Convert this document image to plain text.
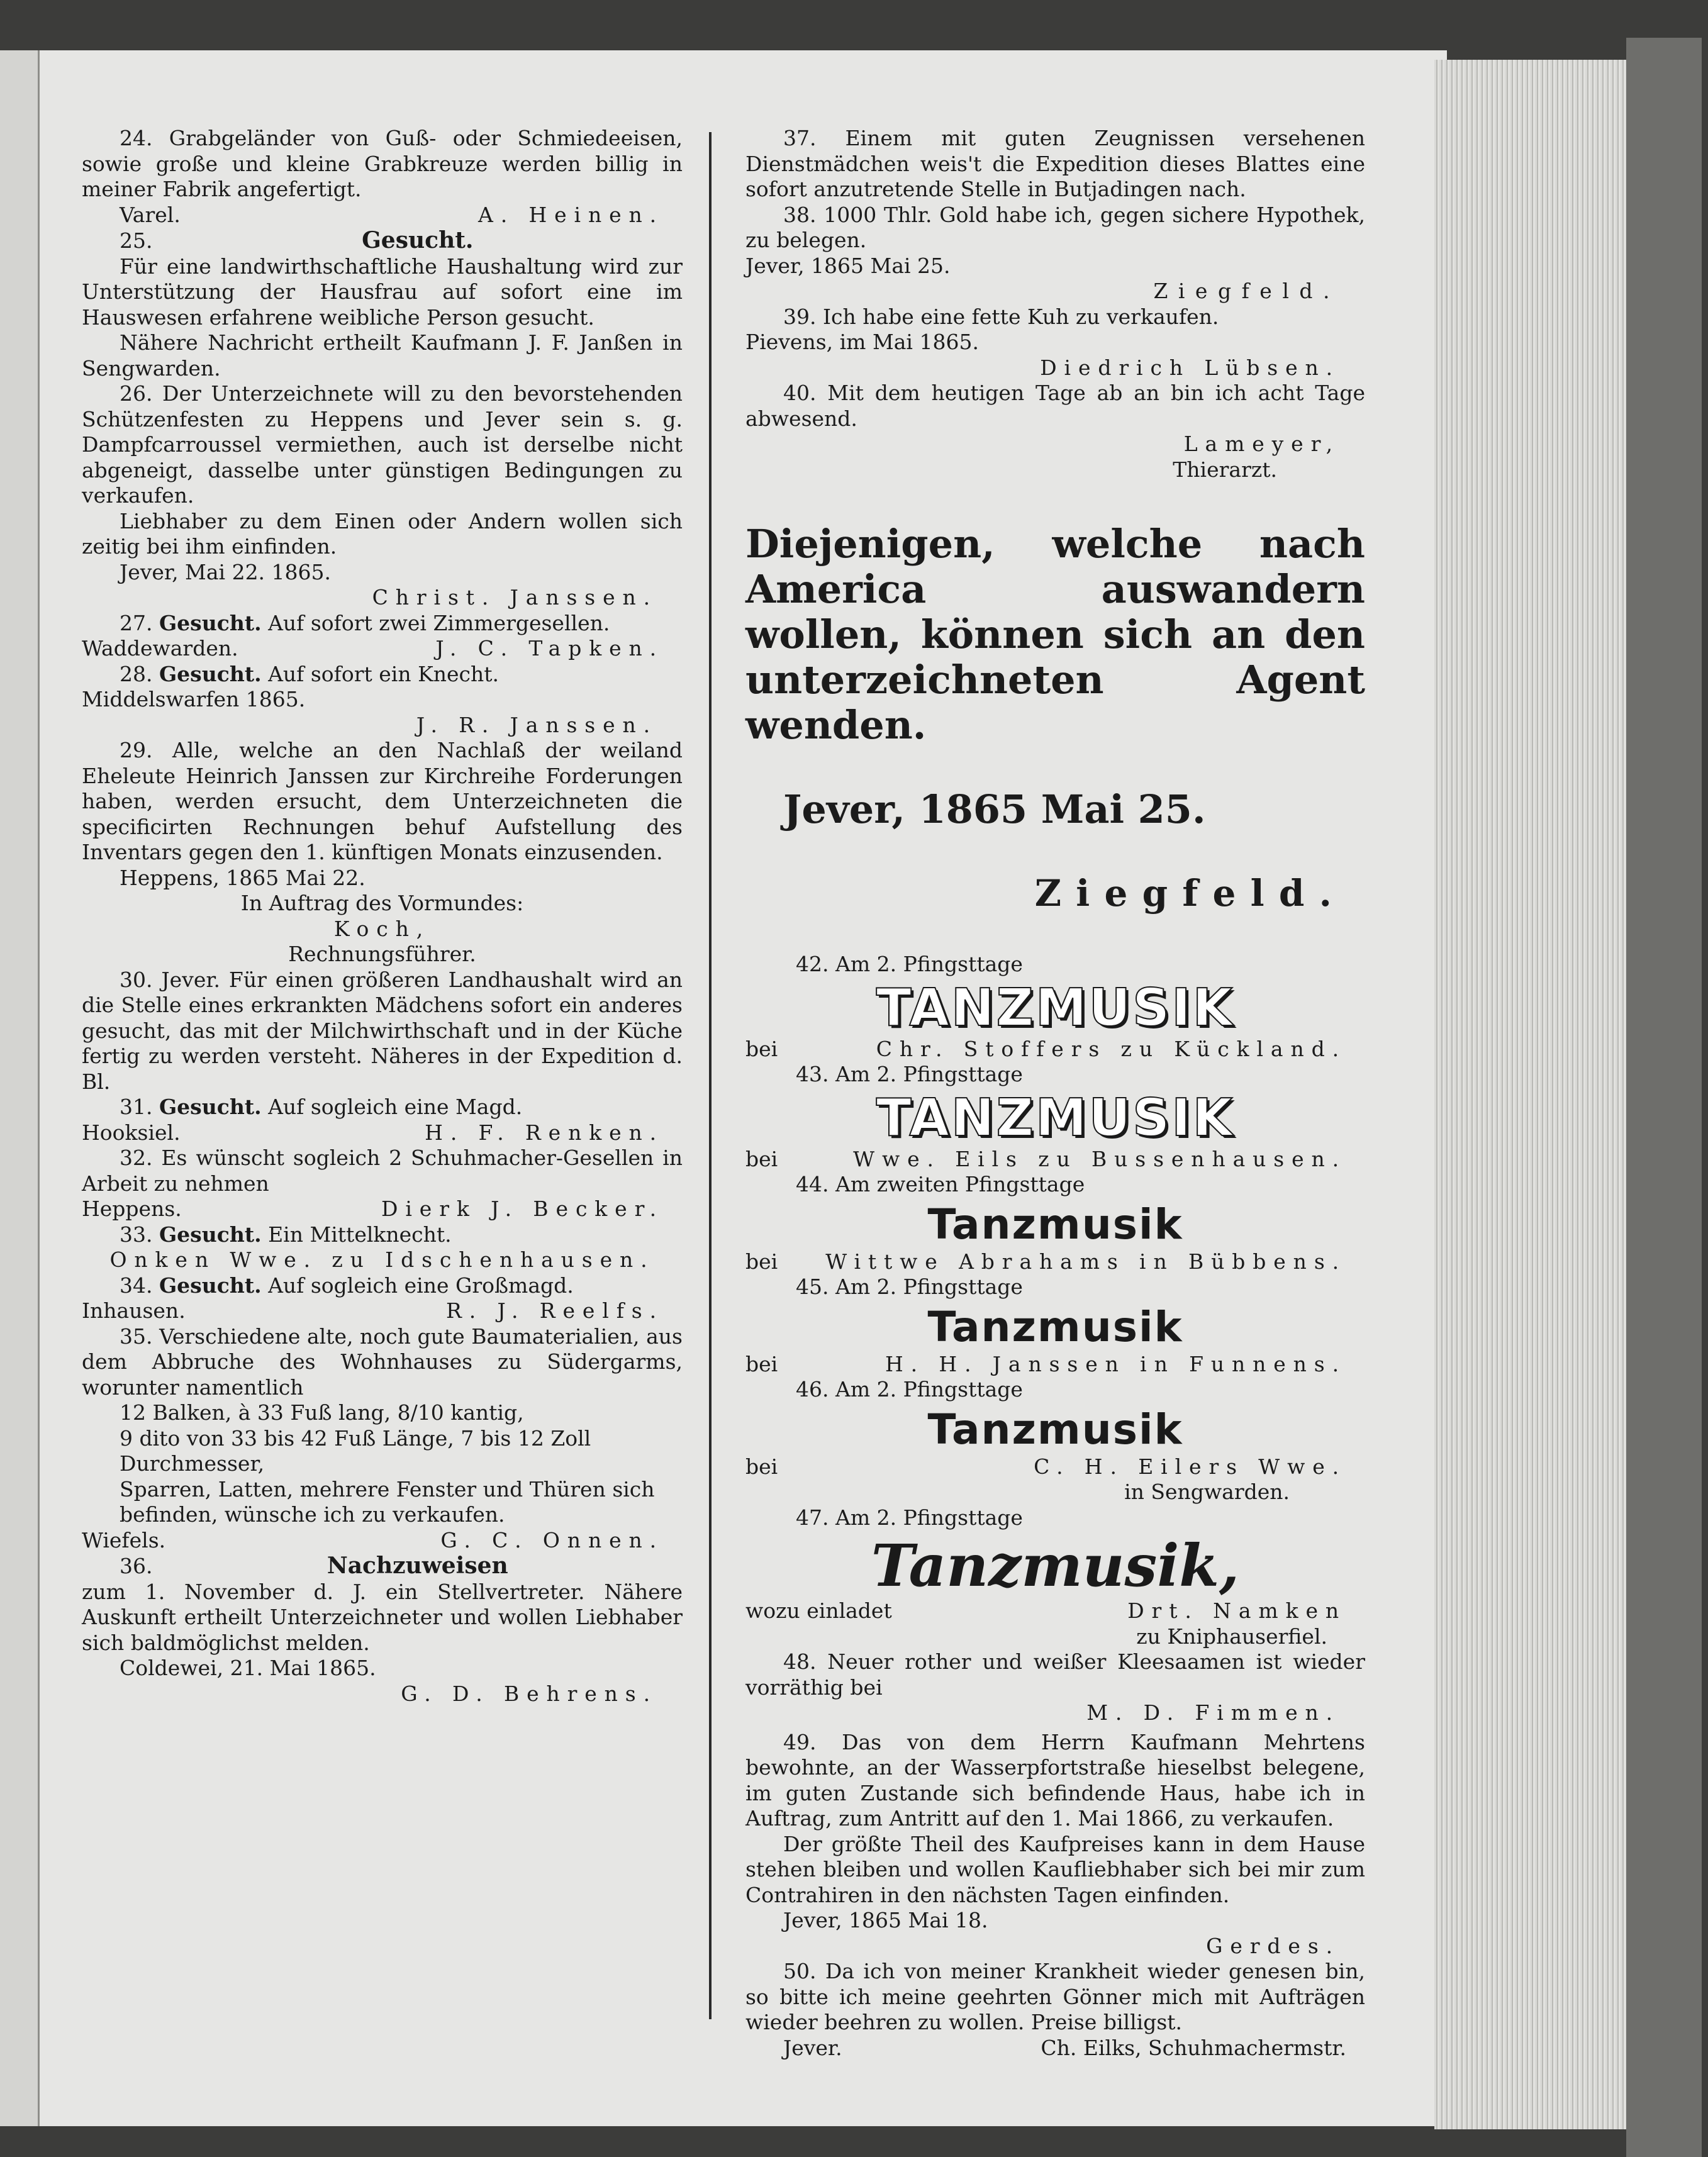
24. Grabgeländer von Guß- oder Schmiedeeisen, sowie große und kleine Grabkreuze werden billig in meiner Fabrik angefertigt.

Varel.	A. Heinen.
25.	Gesucht.

Für eine landwirthschaftliche Haushaltung wird zur Unterstützung der Hausfrau auf sofort eine im Hauswesen erfahrene weibliche Person gesucht.

Nähere Nachricht ertheilt Kaufmann J. F. Janßen in Sengwarden.

26. Der Unterzeichnete will zu den bevorstehenden Schützenfesten zu Heppens und Jever sein s. g. Dampfcarroussel vermiethen, auch ist derselbe nicht abgeneigt, dasselbe unter günstigen Bedingungen zu verkaufen.

Liebhaber zu dem Einen oder Andern wollen sich zeitig bei ihm einfinden.

Jever, Mai 22. 1865.

Christ. Janssen.

27. Gesucht. Auf sofort zwei Zimmergesellen.

Waddewarden.	J. C. Tapken.

28. Gesucht. Auf sofort ein Knecht.

Middelswarfen 1865.

J. R. Janssen.

29. Alle, welche an den Nachlaß der weiland Eheleute Heinrich Janssen zur Kirchreihe Forderungen haben, werden ersucht, dem Unterzeichneten die specificirten Rechnungen behuf Aufstellung des Inventars gegen den 1. künftigen Monats einzusenden.

Heppens, 1865 Mai 22.

In Auftrag des Vormundes:

Koch,

Rechnungsführer.

30. Jever. Für einen größeren Landhaushalt wird an die Stelle eines erkrankten Mädchens sofort ein anderes gesucht, das mit der Milchwirthschaft und in der Küche fertig zu werden versteht. Näheres in der Expedition d. Bl.

31. Gesucht. Auf sogleich eine Magd.

Hooksiel.	H. F. Renken.

32. Es wünscht sogleich 2 Schuhmacher-Gesellen in Arbeit zu nehmen

Heppens.	Dierk J. Becker.

33. Gesucht. Ein Mittelknecht.

Onken Wwe. zu Idschenhausen.

34. Gesucht. Auf sogleich eine Großmagd.

Inhausen.	R. J. Reelfs.

35. Verschiedene alte, noch gute Baumaterialien, aus dem Abbruche des Wohnhauses zu Südergarms, worunter namentlich

12 Balken, à 33 Fuß lang, 8/10 kantig,

9 dito von 33 bis 42 Fuß Länge, 7 bis 12 Zoll Durchmesser,

Sparren, Latten, mehrere Fenster und Thüren sich befinden, wünsche ich zu verkaufen.

Wiefels.	G. C. Onnen.
36.	Nachzuweisen

zum 1. November d. J. ein Stellvertreter. Nähere Auskunft ertheilt Unterzeichneter und wollen Liebhaber sich baldmöglichst melden.

Coldewei, 21. Mai 1865.

G. D. Behrens.

37. Einem mit guten Zeugnissen versehenen Dienstmädchen weis't die Expedition dieses Blattes eine sofort anzutretende Stelle in Butjadingen nach.

38. 1000 Thlr. Gold habe ich, gegen sichere Hypothek, zu belegen.

Jever, 1865 Mai 25.

Ziegfeld.

39. Ich habe eine fette Kuh zu verkaufen.

Pievens, im Mai 1865.

Diedrich Lübsen.

40. Mit dem heutigen Tage ab an bin ich acht Tage abwesend.

Lameyer,

Thierarzt.

Diejenigen, welche nach America auswandern wollen, können sich an den unterzeichneten Agent wenden.

Jever, 1865 Mai 25.

Ziegfeld.

42. Am 2. Pfingsttage

TANZMUSIK

bei	Chr. Stoffers zu Kückland.

43. Am 2. Pfingsttage

TANZMUSIK

bei	Wwe. Eils zu Bussenhausen.

44. Am zweiten Pfingsttage

Tanzmusik

bei	Wittwe Abrahams in Bübbens.

45. Am 2. Pfingsttage

Tanzmusik

bei	H. H. Janssen in Funnens.

46. Am 2. Pfingsttage

Tanzmusik

bei	C. H. Eilers Wwe.

in Sengwarden.

47. Am 2. Pfingsttage

Tanzmusik,

wozu einladet	Drt. Namken

zu Kniphauserfiel.

48. Neuer rother und weißer Kleesaamen ist wieder vorräthig bei

M. D. Fimmen.

49. Das von dem Herrn Kaufmann Mehrtens bewohnte, an der Wasserpfortstraße hieselbst belegene, im guten Zustande sich befindende Haus, habe ich in Auftrag, zum Antritt auf den 1. Mai 1866, zu verkaufen.

Der größte Theil des Kaufpreises kann in dem Hause stehen bleiben und wollen Kaufliebhaber sich bei mir zum Contrahiren in den nächsten Tagen einfinden.

Jever, 1865 Mai 18.

Gerdes.

50. Da ich von meiner Krankheit wieder genesen bin, so bitte ich meine geehrten Gönner mich mit Aufträgen wieder beehren zu wollen. Preise billigst.

Jever.	Ch. Eilks, Schuhmachermstr.
